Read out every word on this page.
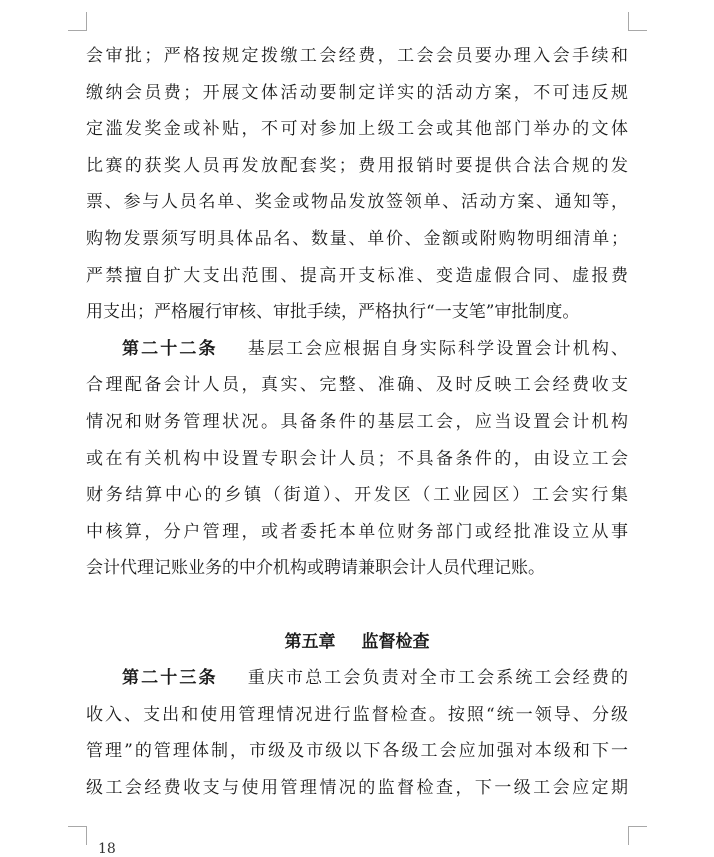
会审批；严格按规定拨缴工会经费，工会会员要办理入会手续和
缴纳会员费；开展文体活动要制定详实的活动方案，不可违反规
定滥发奖金或补贴，不可对参加上级工会或其他部门举办的文体
比赛的获奖人员再发放配套奖；费用报销时要提供合法合规的发
票、参与人员名单、奖金或物品发放签领单、活动方案、通知等，
购物发票须写明具体品名、数量、单价、金额或附购物明细清单；
严禁擅自扩大支出范围、提高开支标准、变造虚假合同、虚报费
用支出；严格履行审核、审批手续，严格执行“一支笔”审批制度。
第二十二条 基层工会应根据自身实际科学设置会计机构、
合理配备会计人员，真实、完整、准确、及时反映工会经费收支
情况和财务管理状况。具备条件的基层工会，应当设置会计机构
或在有关机构中设置专职会计人员；不具备条件的，由设立工会
财务结算中心的乡镇（街道）、开发区（工业园区）工会实行集
中核算，分户管理，或者委托本单位财务部门或经批准设立从事
会计代理记账业务的中介机构或聘请兼职会计人员代理记账。
第五章 监督检查
第二十三条 重庆市总工会负责对全市工会系统工会经费的
收入、支出和使用管理情况进行监督检查。按照“统一领导、分级
管理”的管理体制，市级及市级以下各级工会应加强对本级和下一
级工会经费收支与使用管理情况的监督检查，下一级工会应定期
18
